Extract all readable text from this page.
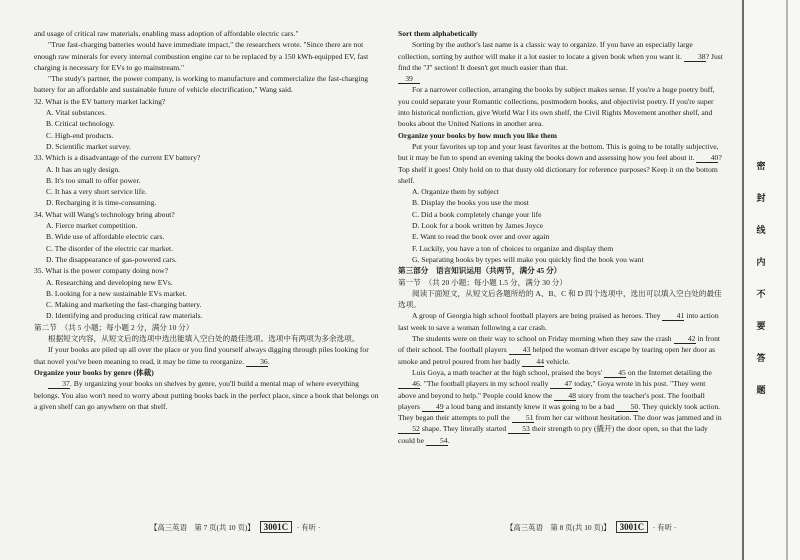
and usage of critical raw materials, enabling mass adoption of affordable electric cars."

"True fast-charging batteries would have immediate impact," the researchers wrote. "Since there are not enough raw minerals for every internal combustion engine car to be replaced by a 150 kWh-equipped EV, fast charging is necessary for EVs to go mainstream."

"The study's partner, the power company, is working to manufacture and commercialize the fast-charging battery for an affordable and sustainable future of vehicle electrification," Wang said.

32. What is the EV battery market lacking?

A. Vital substances.

B. Critical technology.

C. High-end products.

D. Scientific market survey.

33. Which is a disadvantage of the current EV battery?

A. It has an ugly design.

B. It's too small to offer power.

C. It has a very short service life.

D. Recharging it is time-consuming.

34. What will Wang's technology bring about?

A. Fierce market competition.

B. Wide use of affordable electric cars.

C. The disorder of the electric car market.

D. The disappearance of gas-powered cars.

35. What is the power company doing now?

A. Researching and developing new EVs.

B. Looking for a new sustainable EVs market.

C. Making and marketing the fast-charging battery.

D. Identifying and producing critical raw materials.

第二节　（共 5 小题；每小题 2 分，满分 10 分）

根据短文内容，从短文后的选项中选出能填入空白处的最佳选项。选项中有两项为多余选项。

If your books are piled up all over the place or you find yourself always digging through piles looking for that novel you've been meaning to read, it may be time to reorganize. 36.

Organize your books by genre (体裁)

37. By organizing your books on shelves by genre, you'll build a mental map of where everything belongs. You also won't need to worry about putting books back in the perfect place, since a book that belongs on a given shelf can go anywhere on that shelf.

Sort them alphabetically

Sorting by the author's last name is a classic way to organize. If you have an especially large collection, sorting by author will make it a lot easier to locate a given book when you want it. 38? Just find the "J" section! It doesn't get much easier than that.

39

For a narrower collection, arranging the books by subject makes sense. If you're a huge poetry buff, you could separate your Romantic collections, postmodern books, and objectivist poetry. If you're super into historical nonfiction, give World War Ⅰ its own shelf, the Civil Rights Movement another shelf, and books about the United Nations in another area.

Organize your books by how much you like them

Put your favorites up top and your least favorites at the bottom. This is going to be totally subjective, but it may be fun to spend an evening taking the books down and assessing how you feel about it. 40? Top shelf it goes! Only hold on to that dusty old dictionary for reference purposes? Keep it on the bottom shelf.

A. Organize them by subject

B. Display the books you use the most

C. Did a book completely change your life

D. Look for a book written by James Joyce

E. Want to read the book over and over again

F. Luckily, you have a ton of choices to organize and display them

G. Separating books by types will make you quickly find the book you want

第三部分　语言知识运用（共两节，满分 45 分）

第一节　（共 20 小题；每小题 1.5 分，满分 30 分）

阅读下面短文，从短文后各题所给的 A、B、C 和 D 四个选项中，选出可以填入空白处的最佳选项。

A group of Georgia high school football players are being praised as heroes. They 41 into action last week to save a woman following a car crash.

The students were on their way to school on Friday morning when they saw the crash 42 in front of their school. The football players 43 helped the woman driver escape by tearing open her door as smoke and petrol poured from her badly 44 vehicle.

Luis Goya, a math teacher at the high school, praised the boys' 45 on the Internet detailing the 46. "The football players in my school really 47 today," Goya wrote in his post. "They went above and beyond to help." People could know the 48 story from the teacher's post. The football players 49 a loud bang and instantly knew it was going to be a bad 50. They quickly took action. They began their attempts to pull the 51 from her car without hesitation. The door was jammed and in 52 shape. They literally started 53 their strength to pry (撬开) the door open, so that the lady could be 54.

【高三英语　第 7 页(共 10 页)】 3001C · 有听 ·	【高三英语　第 8 页(共 10 页)】 3001C · 有听 ·
密
封
线
内
不
要
答
题
